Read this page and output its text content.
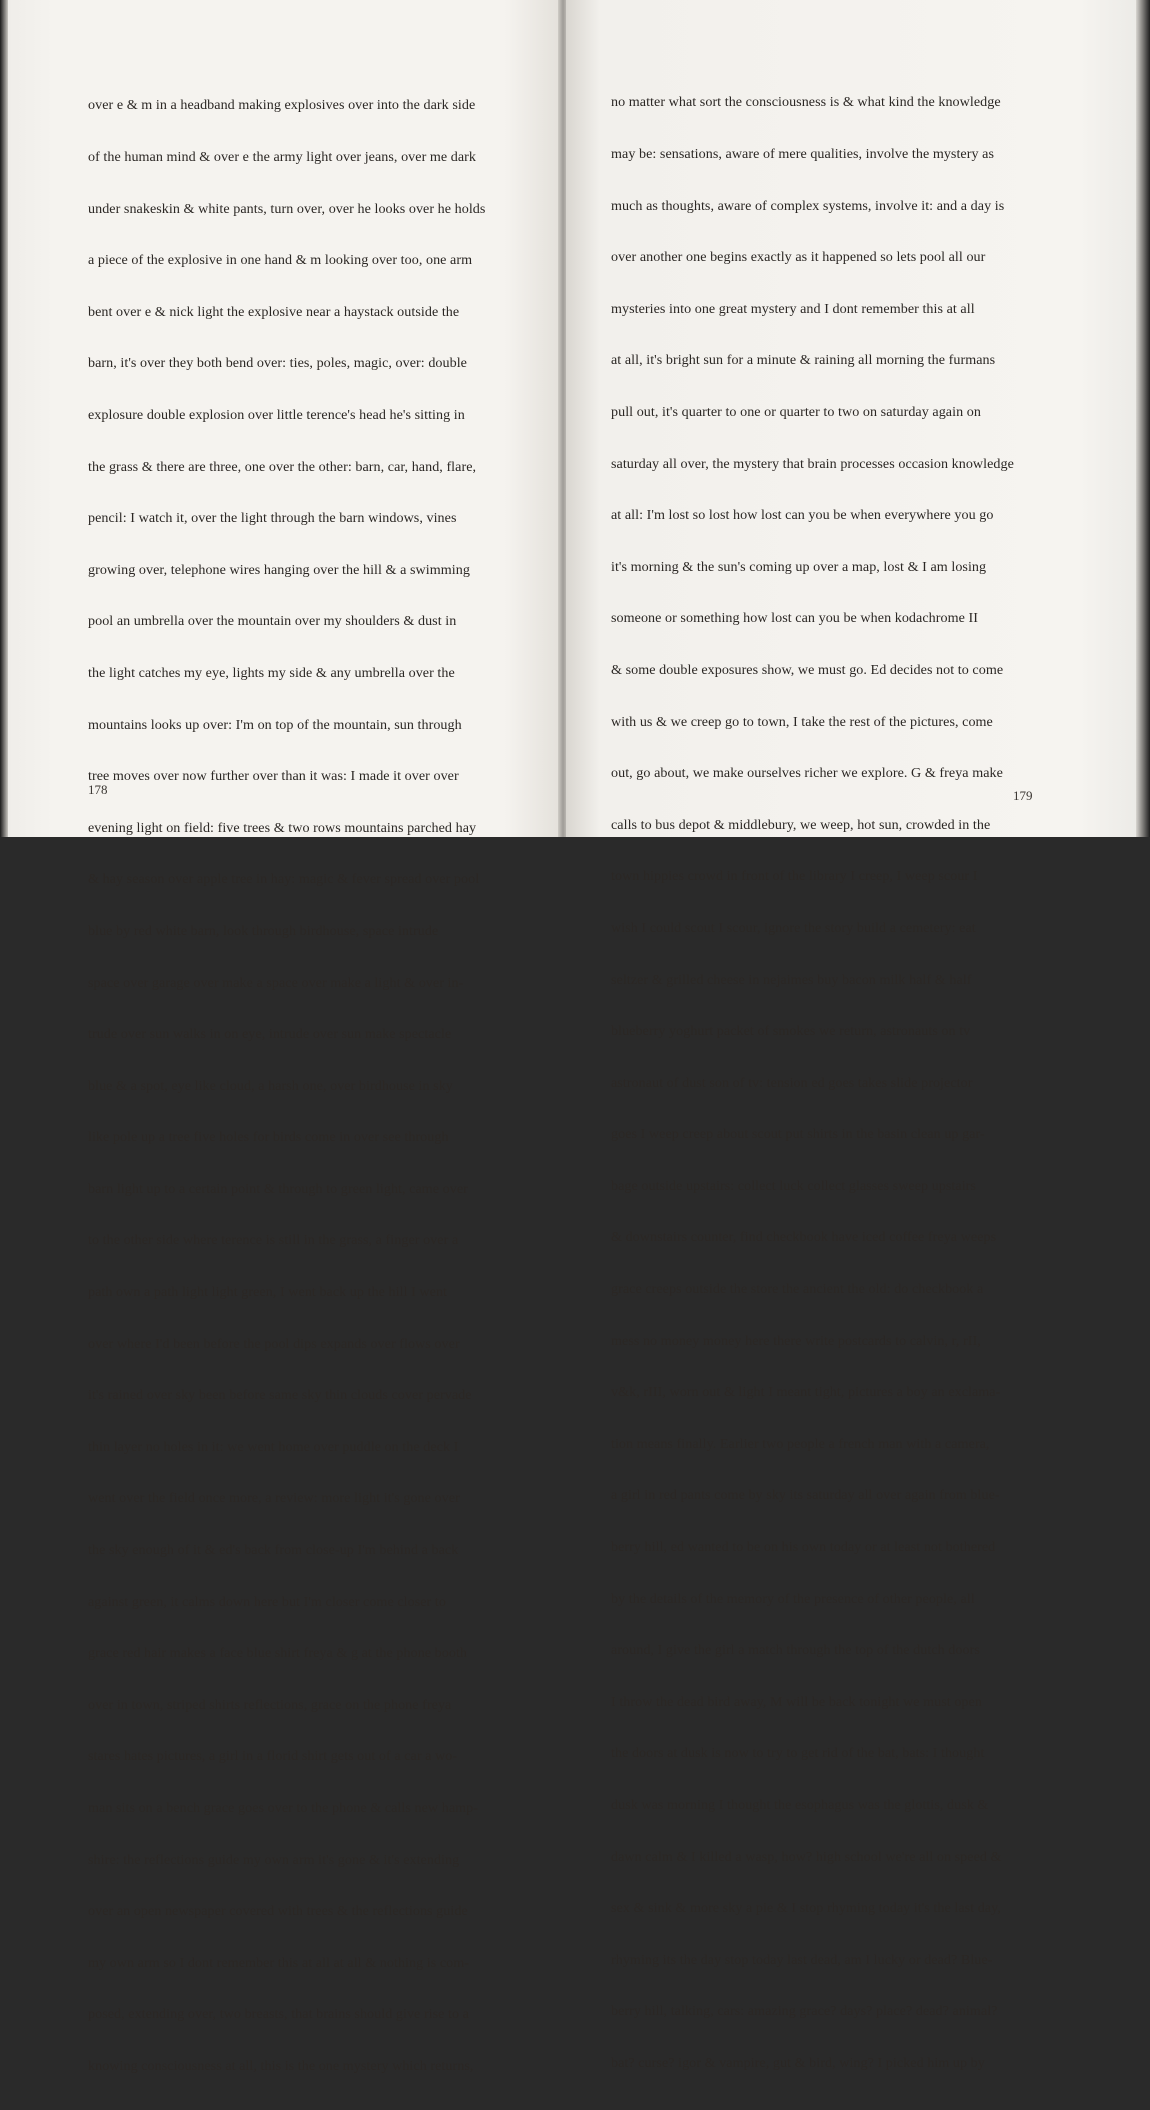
over e & m in a headband making explosives over into the dark side

of the human mind & over e the army light over jeans, over me dark

under snakeskin & white pants, turn over, over he looks over he holds

a piece of the explosive in one hand & m looking over too, one arm

bent over e & nick light the explosive near a haystack outside the

barn, it's over they both bend over: ties, poles, magic, over: double

explosure double explosion over little terence's head he's sitting in

the grass & there are three, one over the other: barn, car, hand, flare,

pencil: I watch it, over the light through the barn windows, vines

growing over, telephone wires hanging over the hill & a swimming

pool an umbrella over the mountain over my shoulders & dust in

the light catches my eye, lights my side & any umbrella over the

mountains looks up over: I'm on top of the mountain, sun through

tree moves over now further over than it was: I made it over over

evening light on field: five trees & two rows mountains parched hay

& hay season over apple tree in hay: magic & fever spread over pool

blue by red white barn, look through birdhouse, space intrude

space over garage over make a space over make a light & over in-

trude over sun walks in on eye, intrude over sun make spectacle

blue & a spot, eye like cloud, a harsh one, over birdhouse in sky

like pole up a tree five holes for birds come in over see through

barn light up to a certain point & through to green light, came over

to the other side where terence is still in the grass, a finger over a

path own a path light light green, I went back up the hill I went

over where I'd been before the pool dips expands over flows over

it's rained over sky been before same sky thin clouds cover pervade

thin layer no holes in it: we went home over puddle on the deck I

went over the field once more, a review: more light it's gone over

the sky enough of it & ed's back from close-up I'm behind a back

against green, it calms down here but I'm closer come closer to

grace red hair makes a face blue shirt freya & g at the phone booth

over in town, striped shirts reflections, grace on the phone freya

stares hates pictures, a girl in a florid shirt gets out of a car a wo-

man sits on a bench grace goes over to the phone & calls new hamp-

shire: the reflections guide my own arm it's gone & it's extending

over an open newspaper covered with trees & the reflections guide

my own arm so I dont remember this at all at all & nothing is com-

posed, extending over, two breasts, that brains should give rise to a

knowing consciousness at all, this is the one mystery which returns,

178

no matter what sort the consciousness is & what kind the knowledge

may be: sensations, aware of mere qualities, involve the mystery as

much as thoughts, aware of complex systems, involve it: and a day is

over another one begins exactly as it happened so lets pool all our

mysteries into one great mystery and I dont remember this at all

at all, it's bright sun for a minute & raining all morning the furmans

pull out, it's quarter to one or quarter to two on saturday again on

saturday all over, the mystery that brain processes occasion knowledge

at all: I'm lost so lost how lost can you be when everywhere you go

it's morning & the sun's coming up over a map, lost & I am losing

someone or something how lost can you be when kodachrome II

& some double exposures show, we must go. Ed decides not to come

with us & we creep go to town, I take the rest of the pictures, come

out, go about, we make ourselves richer we explore. G & freya make

calls to bus depot & middlebury, we weep, hot sun, crowded in the

town hippies crowd in front of the library I creep, I weep scour I

wish I could scout I scour, ignore the story build a cemetery: eat

seltzer & grilled cheese in nejaimes buy bacon milk half & half

blueberry yoghurt packet of smokes we return, astronauts on tv

astronaut of dust son of tv: tension ed goes takes slide projector

goes I weep creep about scout put shirts in the basin clean up gar-

bage outside upstairs: collect luck collect glasses sweep upstairs

& downstairs counter, find checkbook have iced coffee freya weeps

grace creeps outside the store the ancient the old: do checkbook a

mess no money money here there write postcards to calvin, r, rII,

v&k, rIII, worn out & light I meant tight, pictures a boy an exclama-

tion means finally. Earlier two people a french man with a camera,

a girl in red pants come by sky its saturday all over again from blue-

berry hill, ed wanted to be on his own today or at least not bothered

by the details of the memory of the presence of other people, all

around, I give the girl a match through the top of the dutch doors

I throw the dead bird away, M will be back tonight we must open

the doors at dusk is now to try to get rid of the bat, bats: I thought

dusk was morning I thought the esophagus was the glottis, dusk &

dawn calm & I killed a wasp, how? high school we're all on speed &

sex & sink & more sky a pie & I stop rhyming today it's the last day,

rhyming its the day stop today last dead, am I lucky or dead? Blue-

berry hill, talking, cars: amazing grace? days? place? dead? animal?

bat? curse? igor & vampire, gut & bird, wing? I picked him up by

179
